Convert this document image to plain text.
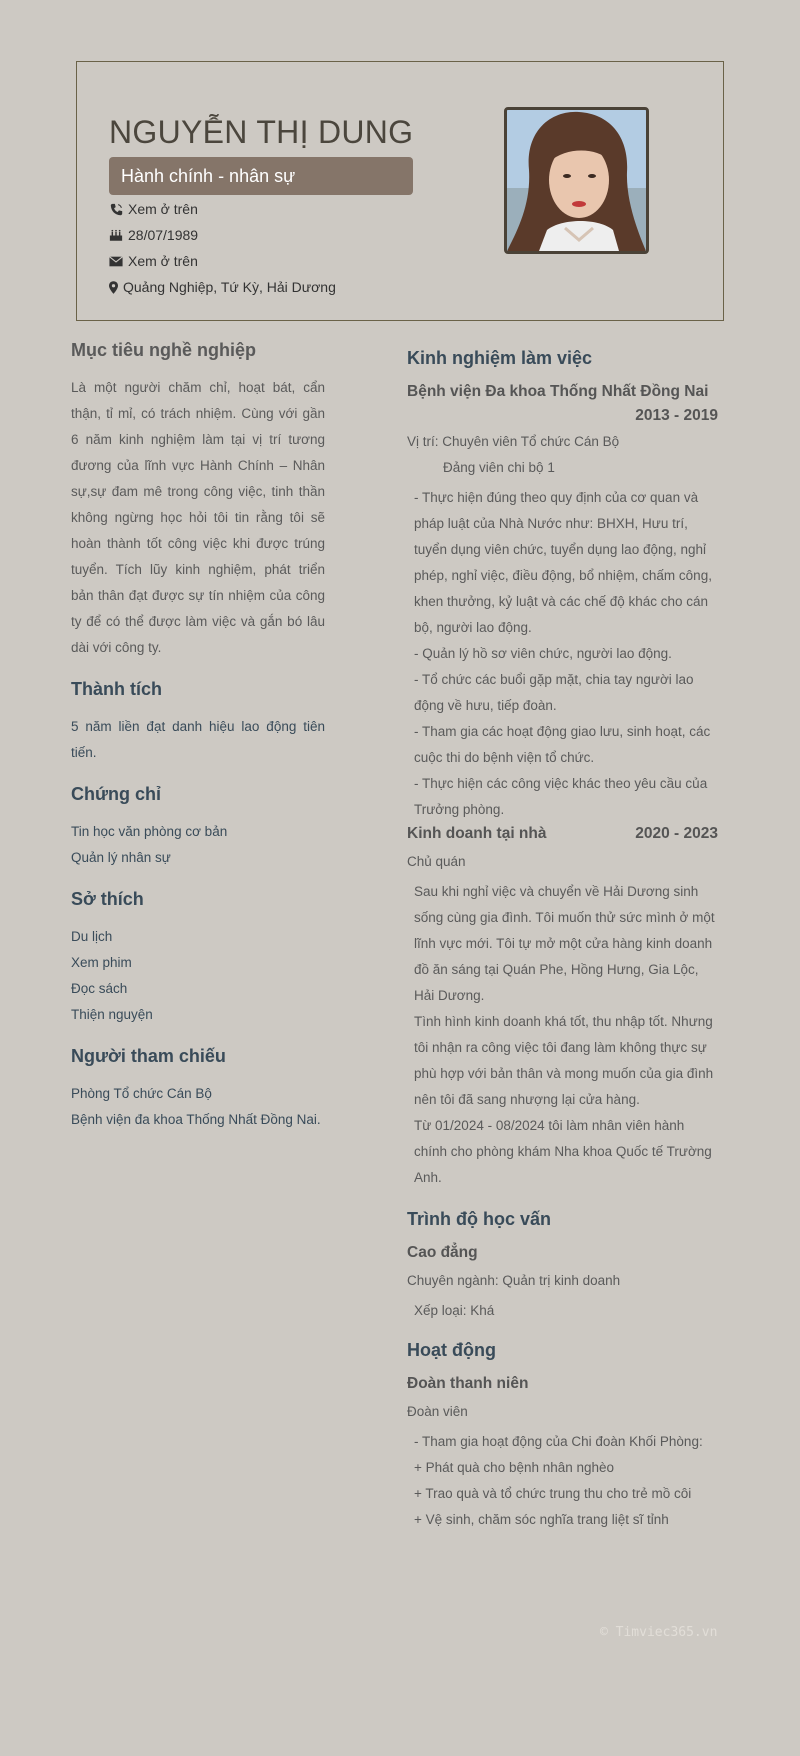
NGUYỄN THỊ DUNG
Hành chính - nhân sự
Xem ở trên
28/07/1989
Xem ở trên
Quảng Nghiệp, Tứ Kỳ, Hải Dương
Mục tiêu nghề nghiệp
Là một người chăm chỉ, hoạt bát, cẩn thận, tỉ mỉ, có trách nhiệm. Cùng với gần 6 năm kinh nghiệm làm tại vị trí tương đương của lĩnh vực Hành Chính – Nhân sự,sự đam mê trong công việc, tinh thần không ngừng học hỏi tôi tin rằng tôi sẽ hoàn thành tốt công việc khi được trúng tuyển. Tích lũy kinh nghiệm, phát triển bản thân đạt được sự tín nhiệm của công ty để có thể được làm việc và gắn bó lâu dài với công ty.
Thành tích
5 năm liền đạt danh hiệu lao động tiên tiến.
Chứng chỉ
Tin học văn phòng cơ bản
Quản lý nhân sự
Sở thích
Du lịch
Xem phim
Đọc sách
Thiện nguyện
Người tham chiếu
Phòng Tổ chức Cán Bộ
Bệnh viện đa khoa Thống Nhất Đồng Nai.
Kinh nghiệm làm việc
Bệnh viện Đa khoa Thống Nhất Đồng Nai
2013 - 2019
Vị trí: Chuyên viên Tổ chức Cán Bộ
Đảng viên chi bộ 1
- Thực hiện đúng theo quy định của cơ quan và pháp luật của Nhà Nước như: BHXH, Hưu trí, tuyển dụng viên chức, tuyển dụng lao động, nghỉ phép, nghỉ việc, điều động, bổ nhiệm, chấm công, khen thưởng, kỷ luật và các chế độ khác cho cán bộ, người lao động.
- Quản lý hồ sơ viên chức, người lao động.
- Tổ chức các buổi gặp mặt, chia tay người lao động về hưu, tiếp đoàn.
- Tham gia các hoạt động giao lưu, sinh hoạt, các cuộc thi do bệnh viện tổ chức.
- Thực hiện các công việc khác theo yêu cầu của Trưởng phòng.
Kinh doanh tại nhà	2020 - 2023
Chủ quán
Sau khi nghỉ việc và chuyển về Hải Dương sinh sống cùng gia đình. Tôi muốn thử sức mình ở một lĩnh vực mới. Tôi tự mở một cửa hàng kinh doanh đồ ăn sáng tại Quán Phe, Hồng Hưng, Gia Lộc, Hải Dương.
Tình hình kinh doanh khá tốt, thu nhập tốt. Nhưng tôi nhận ra công việc tôi đang làm không thực sự phù hợp với bản thân và mong muốn của gia đình nên tôi đã sang nhượng lại cửa hàng.
Từ 01/2024 - 08/2024 tôi làm nhân viên hành chính cho phòng khám Nha khoa Quốc tế Trường Anh.
Trình độ học vấn
Cao đẳng
Chuyên ngành: Quản trị kinh doanh
Xếp loại: Khá
Hoạt động
Đoàn thanh niên
Đoàn viên
- Tham gia hoạt động của Chi đoàn Khối Phòng:
+ Phát quà cho bệnh nhân nghèo
+ Trao quà và tổ chức trung thu cho trẻ mồ côi
+ Vệ sinh, chăm sóc nghĩa trang liệt sĩ tỉnh
© Timviec365.vn
